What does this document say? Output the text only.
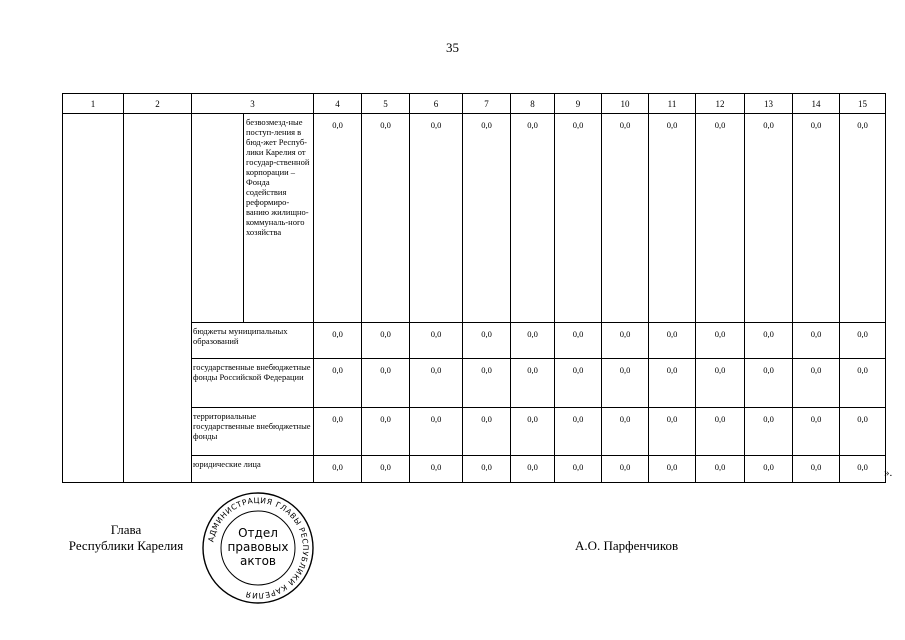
35
1	2	3		4	5	6	7	8	9	10	11	12	13	14	15
			безвозмезд-ные поступ-ления в бюд-жет Респуб-лики Карелия от государ-ственной корпорации – Фонда содействия реформиро-ванию жилищно-коммуналь-ного хозяйства	0,0	0,0	0,0	0,0	0,0	0,0	0,0	0,0	0,0	0,0	0,0	0,0
		бюджеты муниципальных образований		0,0	0,0	0,0	0,0	0,0	0,0	0,0	0,0	0,0	0,0	0,0	0,0
		государственные внебюджетные фонды Российской Федерации		0,0	0,0	0,0	0,0	0,0	0,0	0,0	0,0	0,0	0,0	0,0	0,0
		территориальные государственные внебюджетные фонды		0,0	0,0	0,0	0,0	0,0	0,0	0,0	0,0	0,0	0,0	0,0	0,0
		юридические лица		0,0	0,0	0,0	0,0	0,0	0,0	0,0	0,0	0,0	0,0	0,0	0,0 ».
Глава
Республики Карелия	АДМИНИСТРАЦИЯ ГЛАВЫ РЕСПУБЛИКИ КАРЕЛИЯ
Отдел
правовых
актов
А.О. Парфенчиков
